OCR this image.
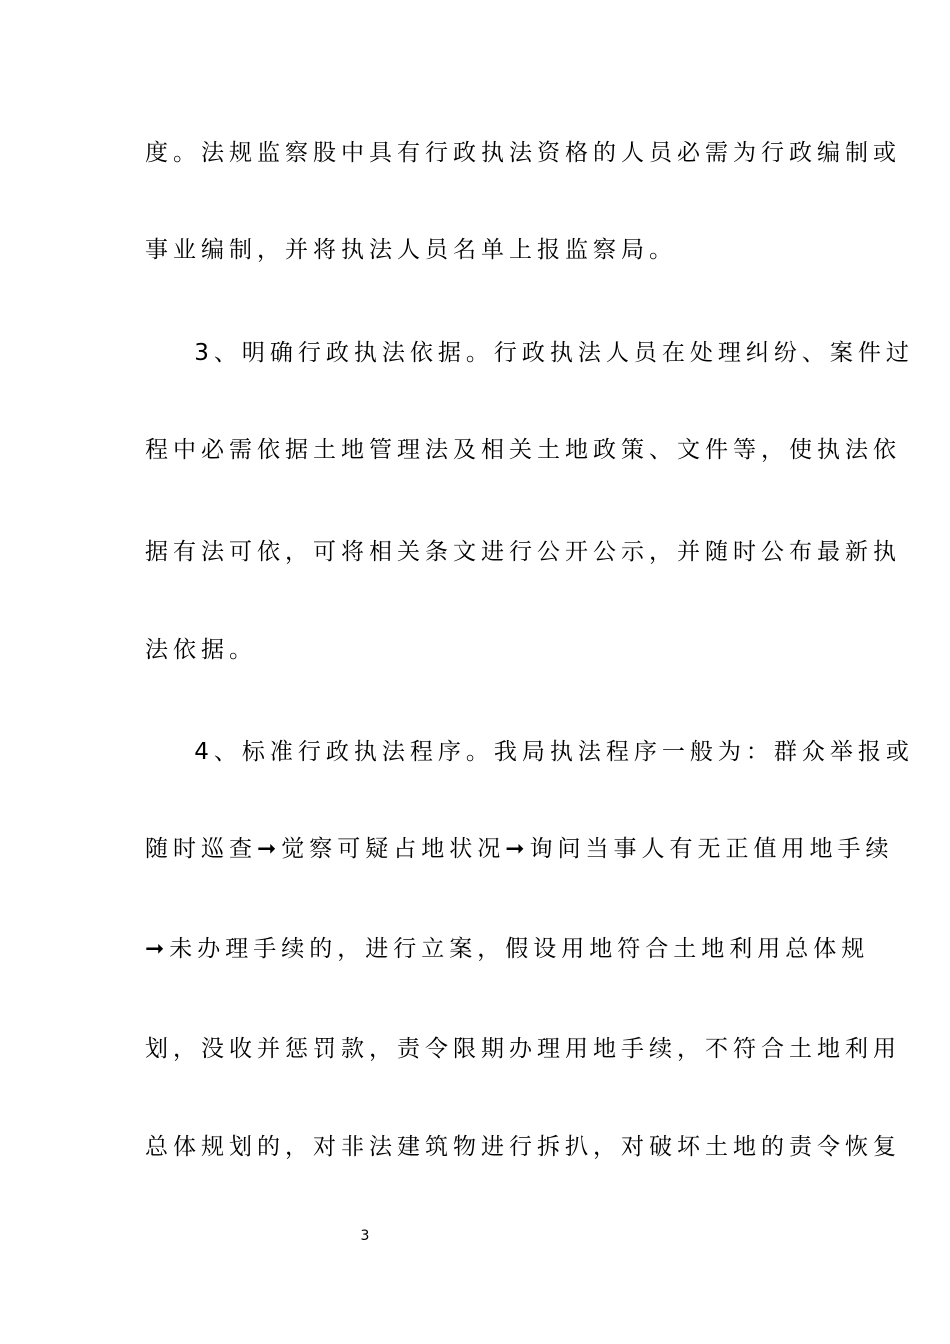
度。法规监察股中具有行政执法资格的人员必需为行政编制或
事业编制，并将执法人员名单上报监察局。
3、明确行政执法依据。行政执法人员在处理纠纷、案件过
程中必需依据土地管理法及相关土地政策、文件等，使执法依
据有法可依，可将相关条文进行公开公示，并随时公布最新执
法依据。
4、标准行政执法程序。我局执法程序一般为：群众举报或
随时巡查➞觉察可疑占地状况➞询问当事人有无正值用地手续
➞未办理手续的，进行立案，假设用地符合土地利用总体规
划，没收并惩罚款，责令限期办理用地手续，不符合土地利用
总体规划的，对非法建筑物进行拆扒，对破坏土地的责令恢复
3
